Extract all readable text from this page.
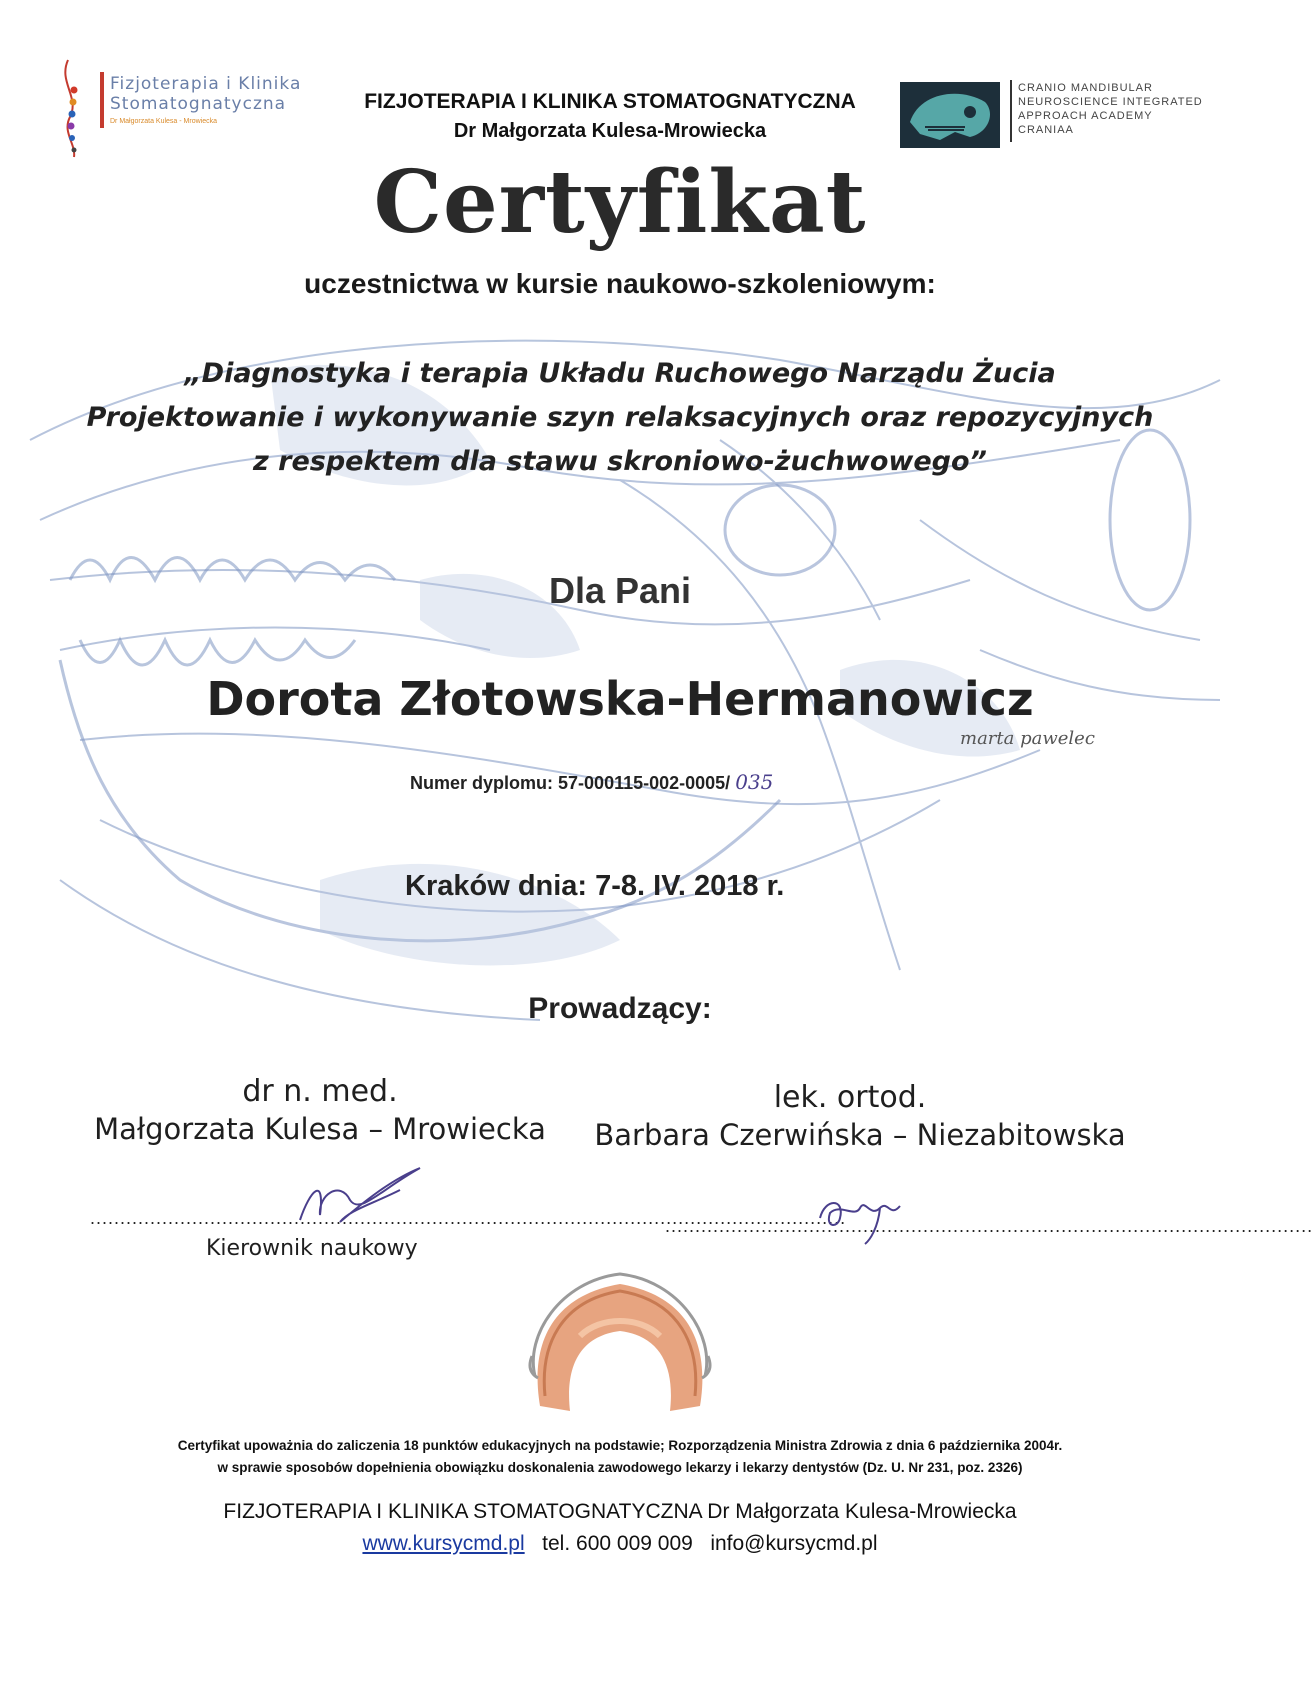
Fizjoterapia i Klinika
Stomatognatyczna
Dr Małgorzata Kulesa - Mrowiecka
FIZJOTERAPIA I KLINIKA STOMATOGNATYCZNA
Dr Małgorzata Kulesa-Mrowiecka
CRANIO MANDIBULAR
NEUROSCIENCE INTEGRATED
APPROACH ACADEMY
CRANIAA
Certyfikat
uczestnictwa w kursie naukowo-szkoleniowym:
„Diagnostyka i terapia Układu Ruchowego Narządu Żucia
Projektowanie i wykonywanie szyn relaksacyjnych oraz repozycyjnych
z respektem dla stawu skroniowo-żuchwowego”
Dla Pani
Dorota Złotowska-Hermanowicz
marta pawelec
Numer dyplomu: 57-000115-002-0005/ 035
Kraków dnia: 7-8. IV. 2018 r.
Prowadzący:
dr n. med.
Małgorzata Kulesa – Mrowiecka
..............................................................................................................................
Kierownik naukowy
lek. ortod.
Barbara Czerwińska – Niezabitowska
............................................................................................................
Certyfikat upoważnia do zaliczenia 18 punktów edukacyjnych na podstawie; Rozporządzenia Ministra Zdrowia z dnia 6 października 2004r.
w sprawie sposobów dopełnienia obowiązku doskonalenia zawodowego lekarzy i lekarzy dentystów (Dz. U. Nr 231, poz. 2326)
FIZJOTERAPIA I KLINIKA STOMATOGNATYCZNA Dr Małgorzata Kulesa-Mrowiecka
www.kursycmd.pl tel. 600 009 009 info@kursycmd.pl
